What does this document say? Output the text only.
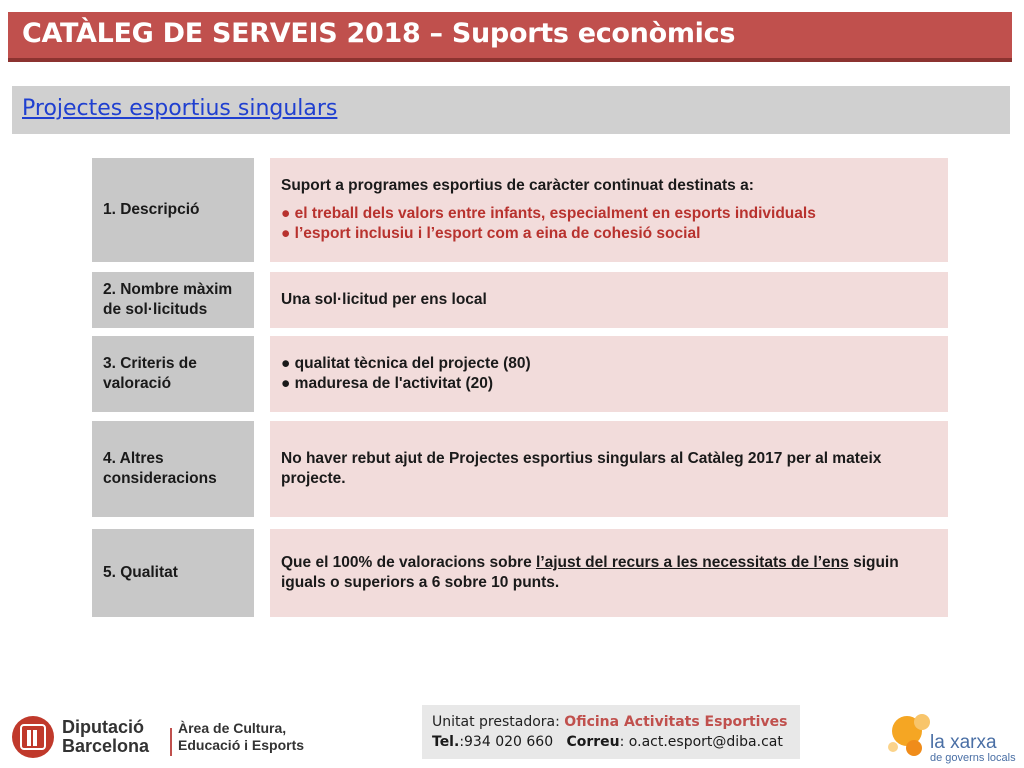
CATÀLEG DE SERVEIS 2018 – Suports econòmics
Projectes esportius singulars
1. Descripció
Suport a programes esportius de caràcter continuat destinats a:
● el treball dels valors entre infants, especialment en esports individuals
● l’esport inclusiu i l’esport com a eina de cohesió social
2. Nombre màxim de sol·licituds
Una sol·licitud per ens local
3. Criteris de valoració
● qualitat tècnica del projecte (80)
● maduresa de l'activitat (20)
4. Altres consideracions
No haver rebut ajut de Projectes esportius singulars al Catàleg 2017 per al mateix projecte.
5. Qualitat
Que el 100% de valoracions sobre l’ajust del recurs a les necessitats de l’ens siguin iguals o superiors a 6 sobre 10 punts.
Diputació
Barcelona
Àrea de Cultura,
Educació i Esports
Unitat prestadora: Oficina Activitats Esportives
Tel.:934 020 660 Correu: o.act.esport@diba.cat	la xarxa
de governs locals
